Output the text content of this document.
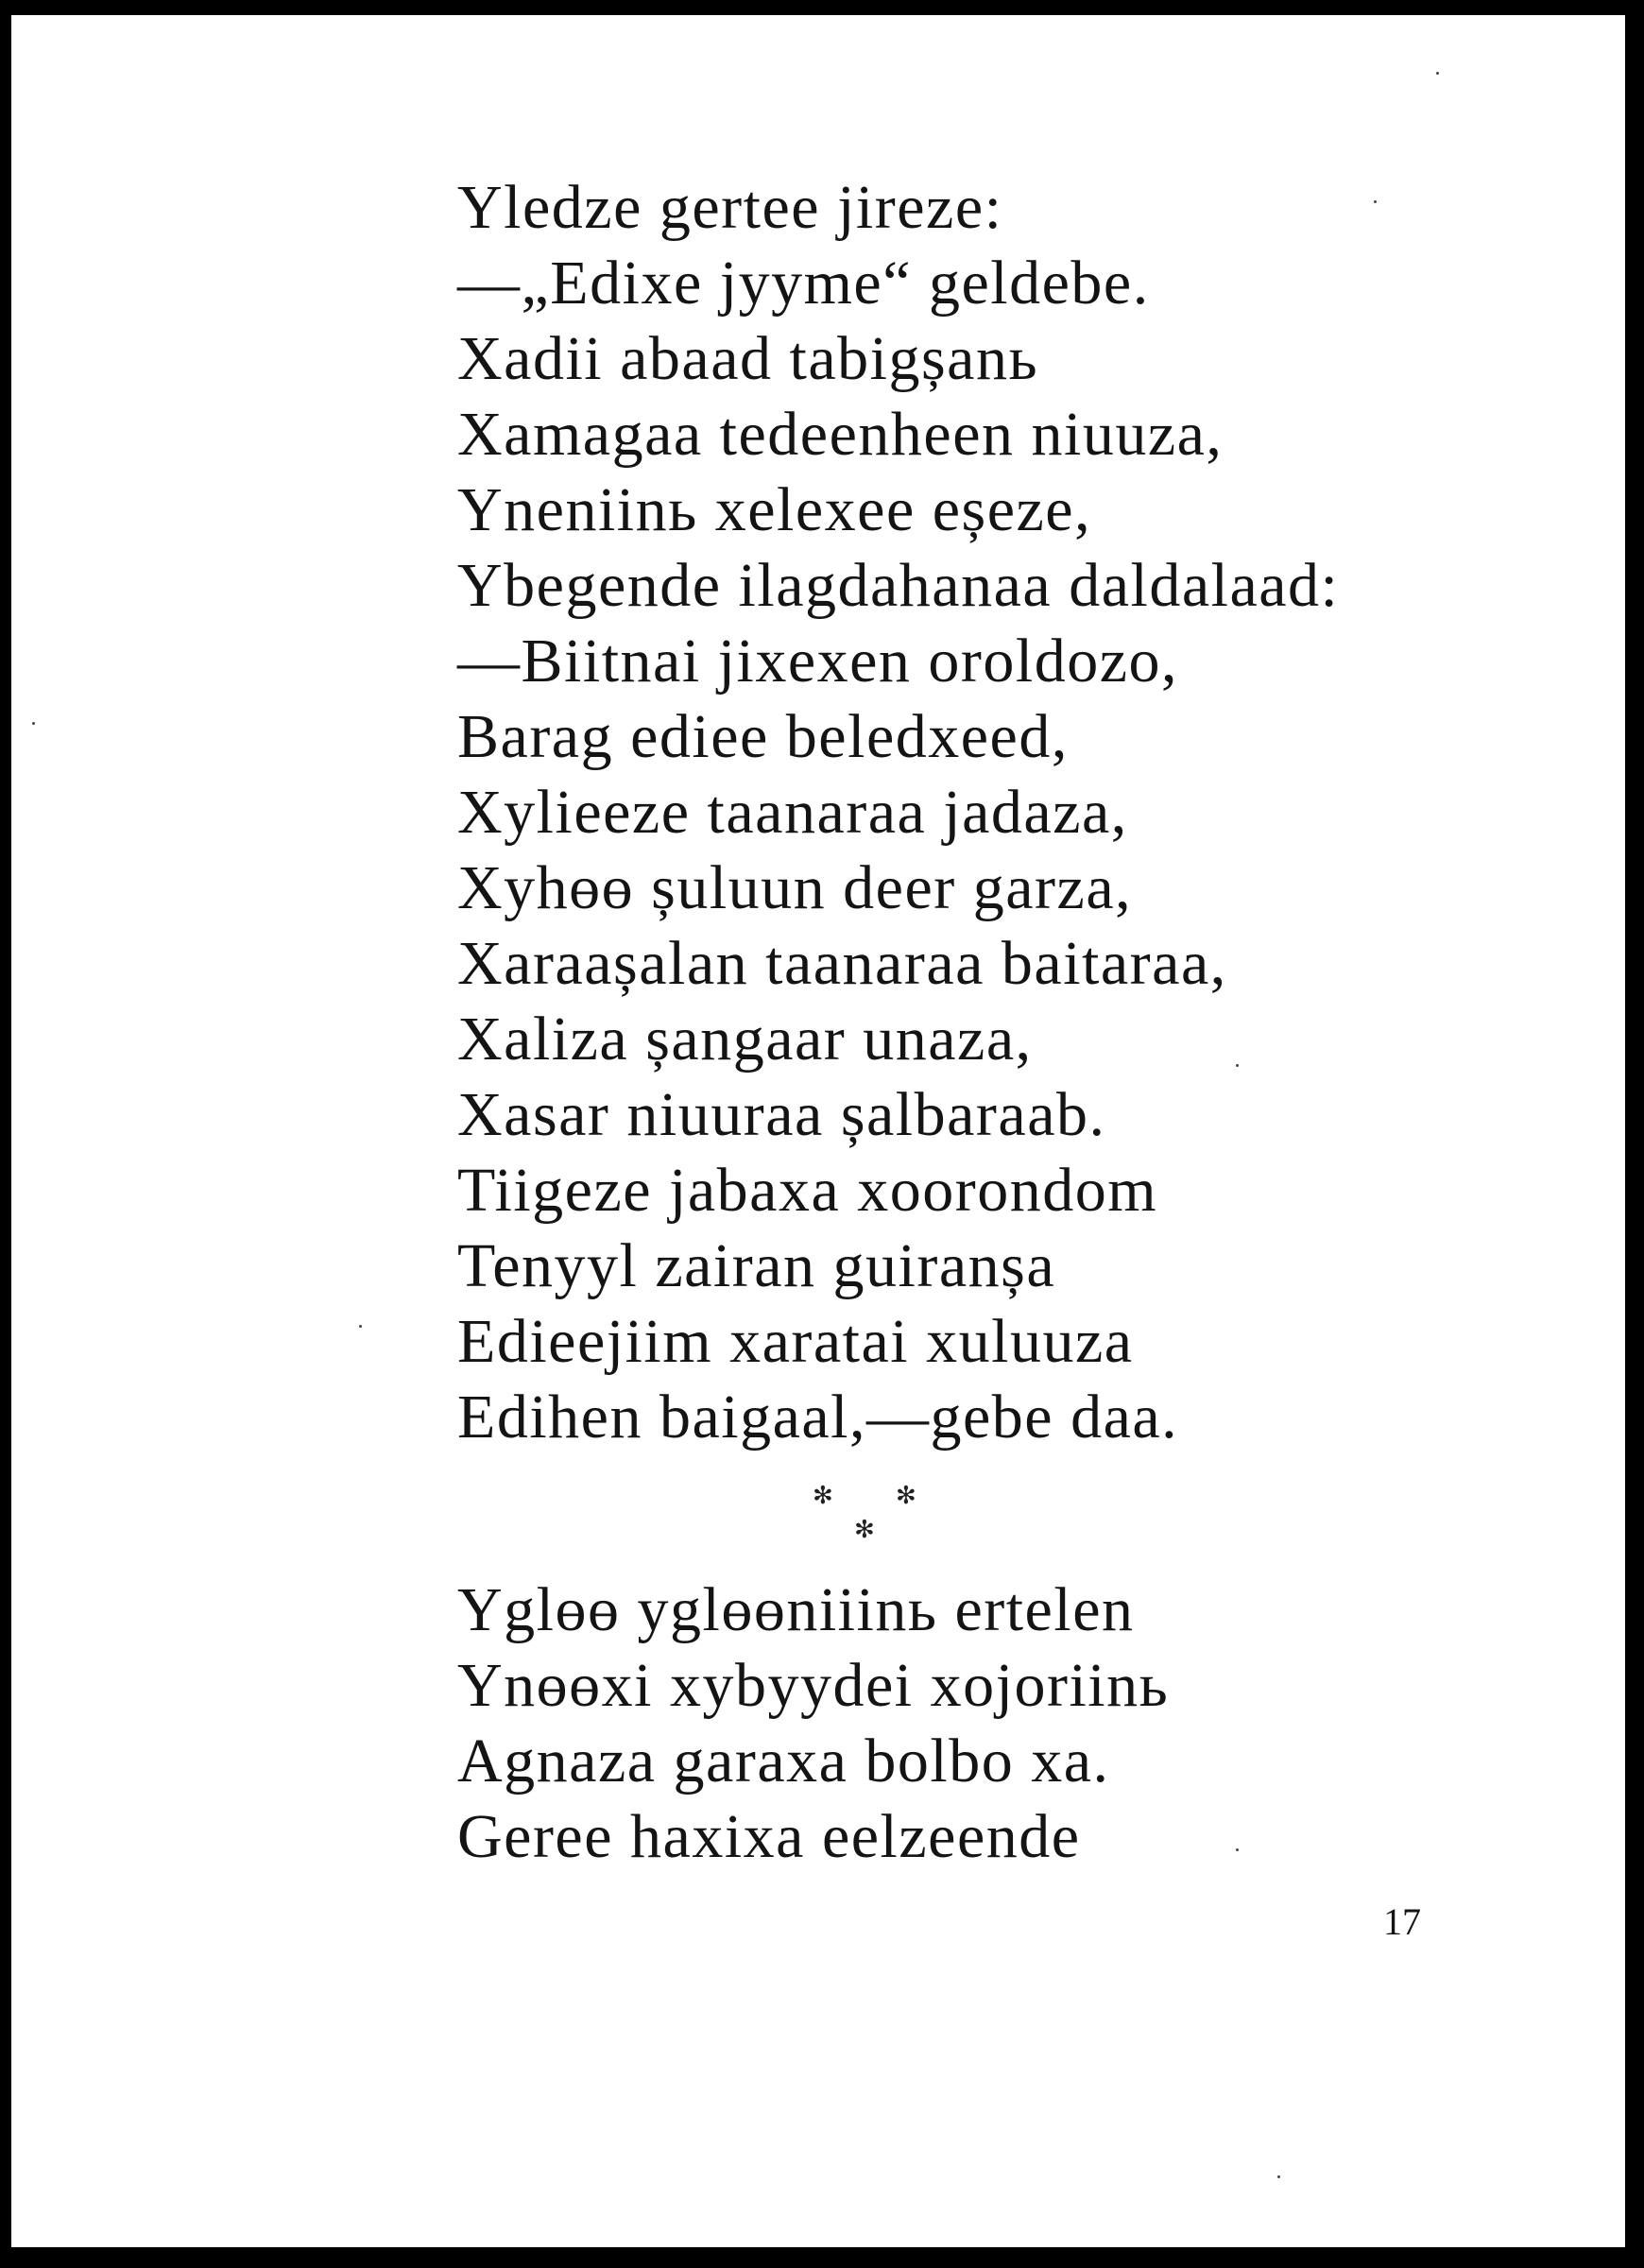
Yledze gertee jireze:
—„Edixe jyyme“ geldebe.
Xadii abaad tabigșanь
Xamagaa tedeenheen niuuza,
Yneniinь xelexee eșeze,
Ybegende ilagdahanaa daldalaad:
—Biitnai jixexen oroldozo,
Barag ediee beledxeed,
Xylieeze taanaraa jadaza,
Xyhөө șuluun deer garza,
Xaraașalan taanaraa baitaraa,
Xaliza șangaar unaza,
Xasar niuuraa șalbaraab.
Tiigeze jabaxa xoorondom
Tenyyl zairan guiranșa
Edieejiim xaratai xuluuza
Edihen baigaal,—gebe daa.
✻	✻
✻
Yglөө yglөөniiinь ertelen
Ynөөxi xybyydei xojoriinь
Agnaza garaxa bolbo xa.
Geree haxixa eelzeende
17
